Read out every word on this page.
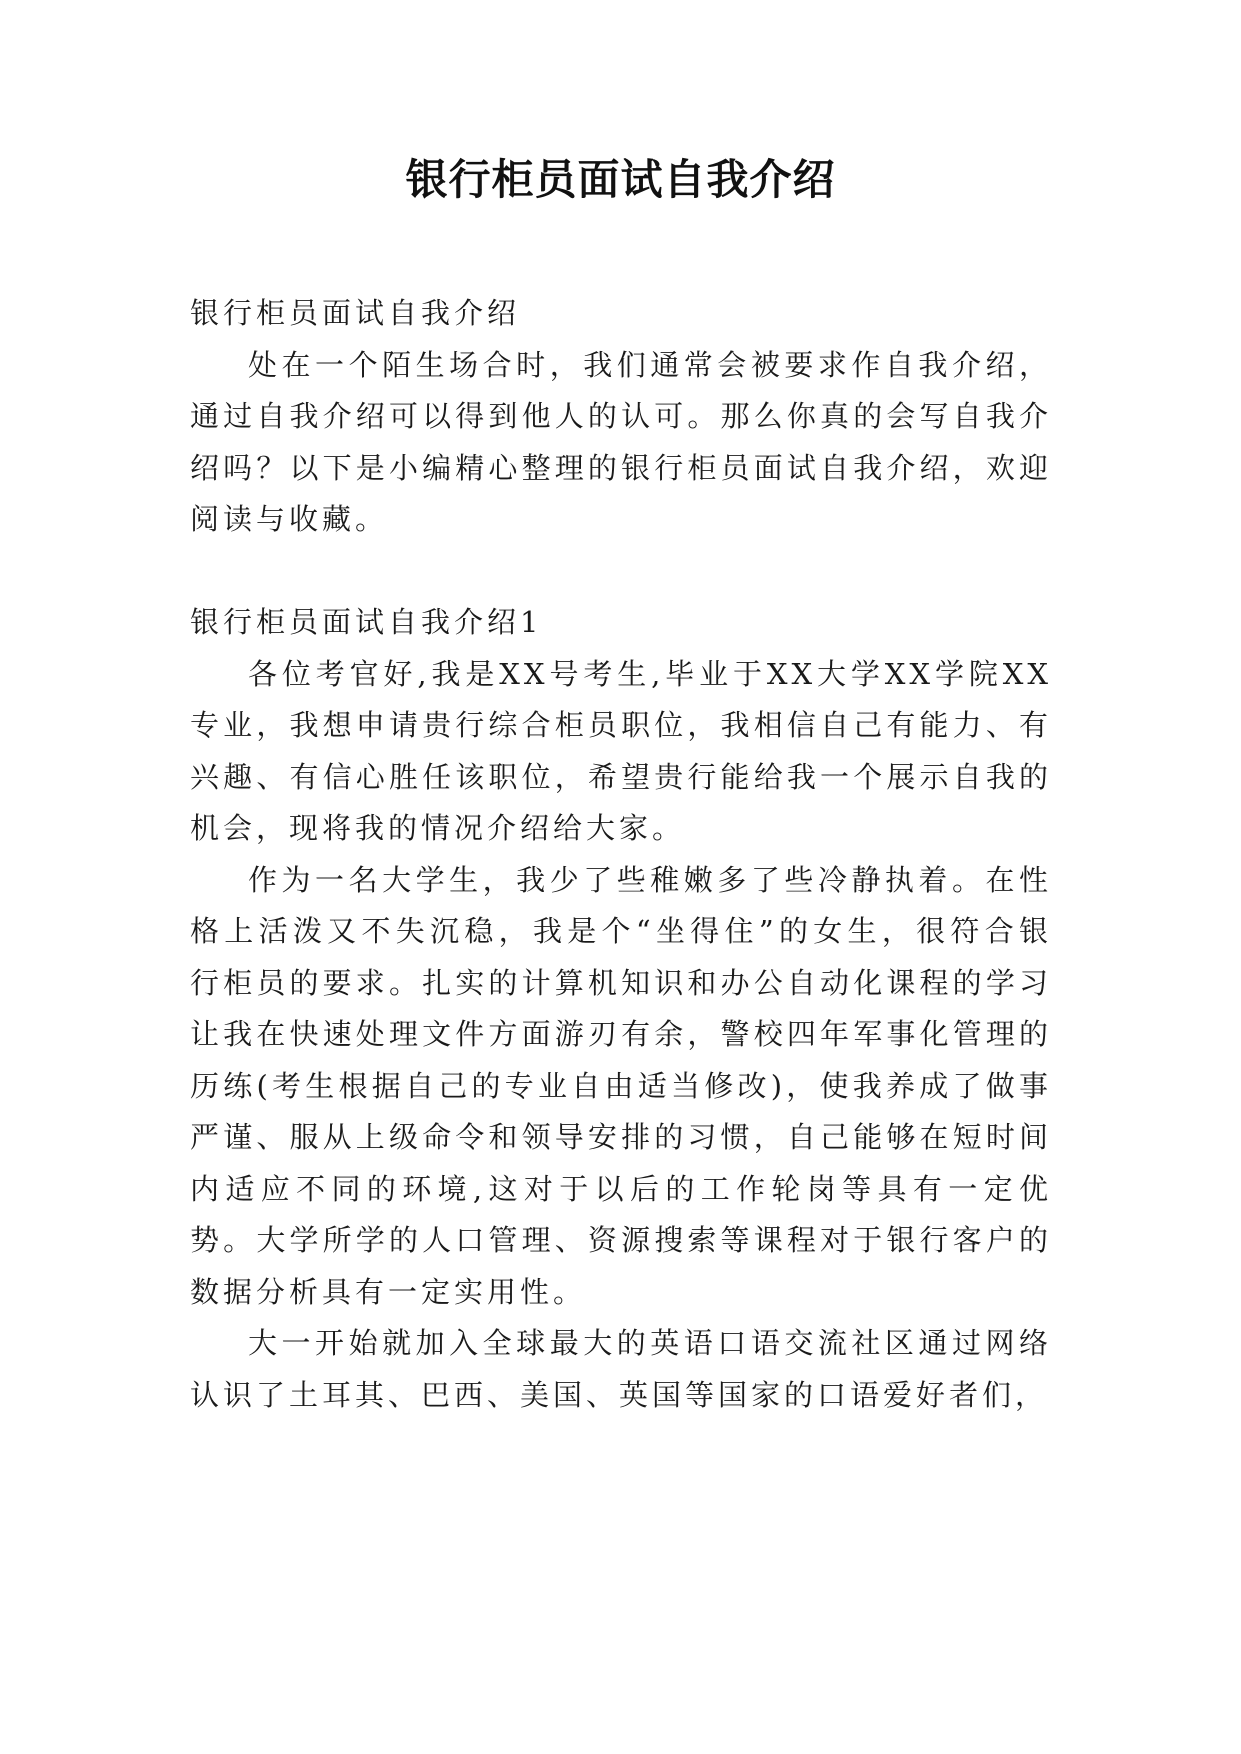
银行柜员面试自我介绍

银行柜员面试自我介绍

处在一个陌生场合时，我们通常会被要求作自我介绍，通过自我介绍可以得到他人的认可。那么你真的会写自我介绍吗？以下是小编精心整理的银行柜员面试自我介绍，欢迎阅读与收藏。

银行柜员面试自我介绍1

各位考官好,我是XX号考生,毕业于XX大学XX学院XX专业，我想申请贵行综合柜员职位，我相信自己有能力、有兴趣、有信心胜任该职位，希望贵行能给我一个展示自我的机会，现将我的情况介绍给大家。

作为一名大学生，我少了些稚嫩多了些冷静执着。在性格上活泼又不失沉稳，我是个“坐得住”的女生，很符合银行柜员的要求。扎实的计算机知识和办公自动化课程的学习让我在快速处理文件方面游刃有余，警校四年军事化管理的历练(考生根据自己的专业自由适当修改)，使我养成了做事严谨、服从上级命令和领导安排的习惯，自己能够在短时间内适应不同的环境,这对于以后的工作轮岗等具有一定优势。大学所学的人口管理、资源搜索等课程对于银行客户的数据分析具有一定实用性。

大一开始就加入全球最大的英语口语交流社区通过网络认识了土耳其、巴西、美国、英国等国家的口语爱好者们，
